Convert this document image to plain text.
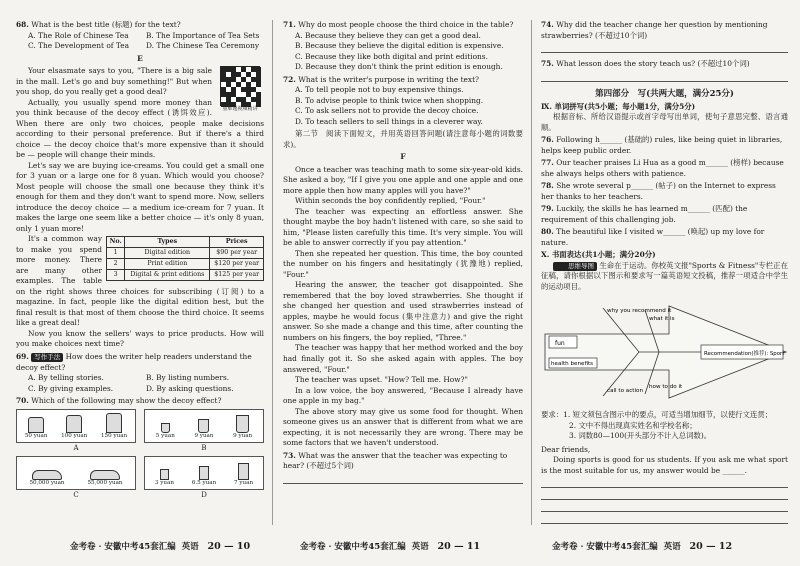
68. What is the best title (标题) for the text?
A. The Role of Chinese Tea	B. The Importance of Tea Sets
C. The Development of Tea	D. The Chinese Tea Ceremony
E
重难题视频精讲

Your elsasmate says to you, "There is a big sale in the mall. Let's go and buy something!" But when you shop, do you really get a good deal?

Actually, you usually spend more money than you think because of the decoy effect (诱饵效应). When there are only two choices, people make decisions according to their personal preference. But if there's a third choice — the decoy choice that's more expensive than it should be — people will change their minds.

Let's say we are buying ice-creams. You could get a small one for 3 yuan or a large one for 8 yuan. Which would you choose? Most people will choose the small one because they think it's enough for them and they don't want to spend more. Now, sellers introduce the decoy choice — a medium ice-cream for 7 yuan. It makes the large one seem like a better choice — it's only 8 yuan, only 1 yuan more!

No.	Types	Prices
1	Digital edition	$90 per year
2	Print edition	$120 per year
3	Digital & print editions	$125 per year

It's a common way to make you spend more money. There are many other examples. The table on the right shows three choices for subscribing (订阅) to a magazine. In fact, people like the digital edition best, but the final result is that most of them choose the third choice. It seems like a great deal!

Now you know the sellers' ways to price products. How will you make choices next time?

69. 写作手法 How does the writer help readers understand the decoy effect?
A. By telling stories.	B. By listing numbers.
C. By giving examples.	D. By asking questions.
70. Which of the following may show the decoy effect?
50 yuan 100 yuan 150 yuan
A
5 yuan	9 yuan	9 yuan
B
50,000 yuan	55,000 yuan
C
3 yuan	6.5 yuan	7 yuan
D
71. Why do most people choose the third choice in the table?
A. Because they believe they can get a good deal.
B. Because they believe the digital edition is expensive.
C. Because they like both digital and print editions.
D. Because they don't think the print edition is enough.
72. What is the writer's purpose in writing the text?
A. To tell people not to buy expensive things.
B. To advise people to think twice when shopping.
C. To ask sellers not to provide the decoy choice.
D. To teach sellers to sell things in a cleverer way.

第二节　阅读下面短文，并用英语回答问题(请注意每小题的词数要求)。

F

Once a teacher was teaching math to some six-year-old kids. She asked a boy, "If I give you one apple and one apple and one more apple then how many apples will you have?"

Within seconds the boy confidently replied, "Four."

The teacher was expecting an effortless answer. She thought maybe the boy hadn't listened with care, so she said to him, "Please listen carefully this time. It's very simple. You will be able to answer correctly if you pay attention."

Then she repeated her question. This time, the boy counted the number on his fingers and hesitatingly (犹豫地) replied, "Four."

Hearing the answer, the teacher got disappointed. She remembered that the boy loved strawberries. She thought if she changed her question and used strawberries instead of apples, maybe he would focus (集中注意力) and give the right answer. So she made a change and this time, after counting the numbers on his fingers, the boy replied, "Three."

The teacher was happy that her method worked and the boy had finally got it. So she asked again with apples. The boy answered, "Four."

The teacher was upset. "How? Tell me. How?"

In a low voice, the boy answered, "Because I already have one apple in my bag."

The above story may give us some food for thought. When someone gives us an answer that is different from what we are expecting, it is not necessarily they are wrong. There may be some factors that we haven't understood.

73. What was the answer that the teacher was expecting to hear? (不超过5个词)
74. Why did the teacher change her question by mentioning strawberries? (不超过10个词)
75. What lesson does the story teach us? (不超过10个词)
第四部分　写(共两大题，满分25分)
Ⅸ. 单词拼写(共5小题；每小题1分，满分5分)

根据音标、所给汉语提示或首字母写出单词，使句子意思完整、语言通顺。

76. Following h______ (基础的) rules, like being quiet in libraries, helps keep public order.
77. Our teacher praises Li Hua as a good m______ (榜样) because she always helps others with patience.
78. She wrote several p______ (帖子) on the Internet to express her thanks to her teachers.
79. Luckily, the skills he has learned m______ (匹配) the requirement of this challenging job.
80. The beautiful like I visited w______ (唤起) up my love for nature.
Ⅹ. 书面表达(共1小题；满分20分)

思维导图 生命在于运动。你校英文报"Sports & Fitness"专栏正在征稿，请你根据以下图示和要求写一篇英语短文投稿，推荐一项适合中学生的运动项目。

fun
health benefits
why you recommend it
what it is
how to do it
call to action
Recommendation(推荐): Sport
要求：1. 短文须包含图示中的要点，可适当增加细节，以使行文连贯；
2. 文中不得出现真实姓名和学校名称；
3. 词数80—100(开头部分不计入总词数)。
Dear friends,

Doing sports is good for us students. If you ask me what sport is the most suitable for us, my answer would be ______.

金考卷 · 安徽中考45套汇编 英语 20 — 10	金考卷 · 安徽中考45套汇编 英语 20 — 11	金考卷 · 安徽中考45套汇编 英语 20 — 12
